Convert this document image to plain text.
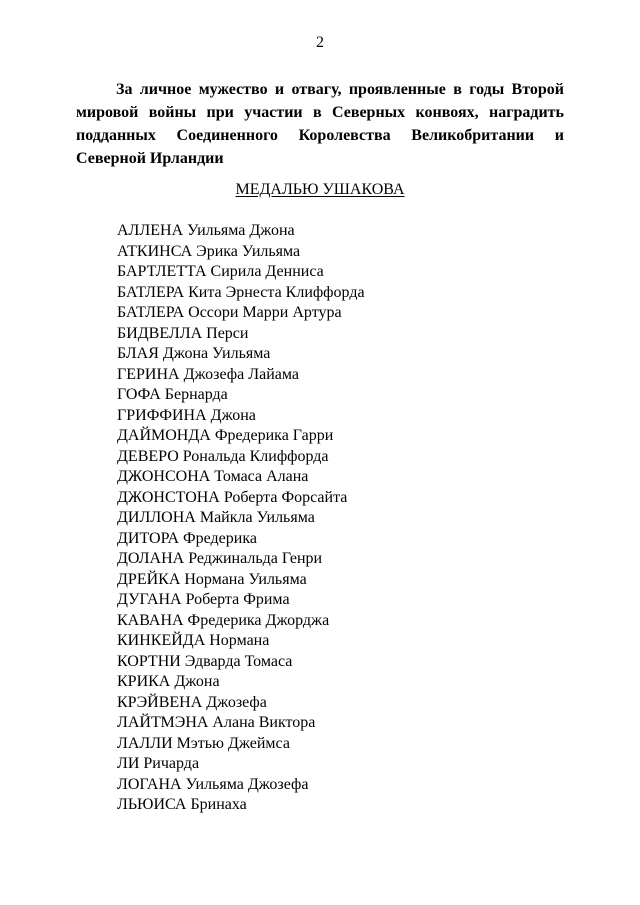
2

За личное мужество и отвагу, проявленные в годы Второй
мировой войны при участии в Северных конвоях, наградить
подданных Соединенного Королевства Великобритании и
Северной Ирландии

МЕДАЛЬЮ УШАКОВА
АЛЛЕНА Уильяма Джона
АТКИНСА Эрика Уильяма
БАРТЛЕТТА Сирила Денниса
БАТЛЕРА Кита Эрнеста Клиффорда
БАТЛЕРА Оссори Марри Артура
БИДВЕЛЛА Перси
БЛАЯ Джона Уильяма
ГЕРИНА Джозефа Лайама
ГОФА Бернарда
ГРИФФИНА Джона
ДАЙМОНДА Фредерика Гарри
ДЕВЕРО Рональда Клиффорда
ДЖОНСОНА Томаса Алана
ДЖОНСТОНА Роберта Форсайта
ДИЛЛОНА Майкла Уильяма
ДИТОРА Фредерика
ДОЛАНА Реджинальда Генри
ДРЕЙКА Нормана Уильяма
ДУГАНА Роберта Фрима
КАВАНА Фредерика Джорджа
КИНКЕЙДА Нормана
КОРТНИ Эдварда Томаса
КРИКА Джона
КРЭЙВЕНА Джозефа
ЛАЙТМЭНА Алана Виктора
ЛАЛЛИ Мэтью Джеймса
ЛИ Ричарда
ЛОГАНА Уильяма Джозефа
ЛЬЮИСА Бринаха
